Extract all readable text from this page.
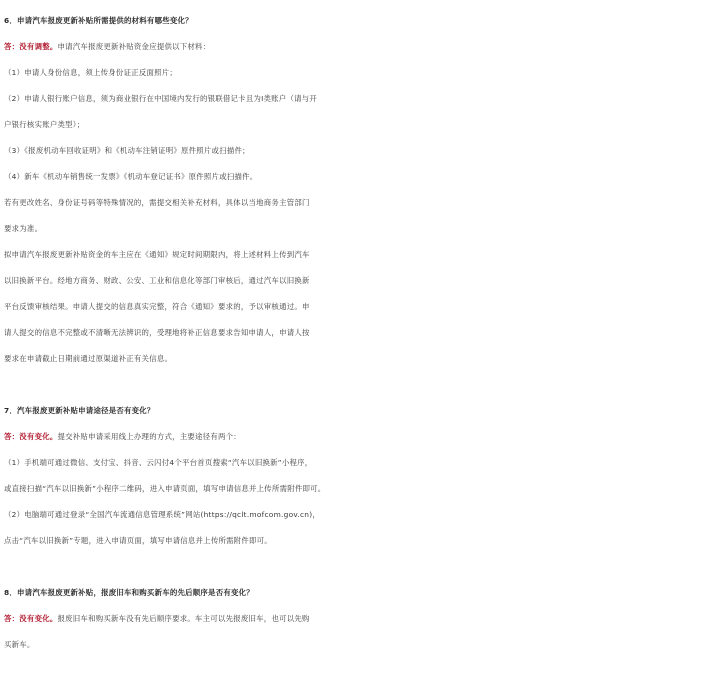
6．申请汽车报废更新补贴所需提供的材料有哪些变化？

答：没有调整。申请汽车报废更新补贴资金应提供以下材料：

（1）申请人身份信息，须上传身份证正反面照片；

（2）申请人银行账户信息，须为商业银行在中国境内发行的银联借记卡且为I类账户（请与开

户银行核实账户类型）；

（3）《报废机动车回收证明》和《机动车注销证明》原件照片或扫描件；

（4）新车《机动车销售统一发票》《机动车登记证书》原件照片或扫描件。

若有更改姓名、身份证号码等特殊情况的，需提交相关补充材料，具体以当地商务主管部门

要求为准。

拟申请汽车报废更新补贴资金的车主应在《通知》规定时间期限内，将上述材料上传到汽车

以旧换新平台。经地方商务、财政、公安、工业和信息化等部门审核后，通过汽车以旧换新

平台反馈审核结果。申请人提交的信息真实完整，符合《通知》要求的，予以审核通过。申

请人提交的信息不完整或不清晰无法辨识的，受理地将补正信息要求告知申请人，申请人按

要求在申请截止日期前通过原渠道补正有关信息。

7．汽车报废更新补贴申请途径是否有变化？

答：没有变化。提交补贴申请采用线上办理的方式，主要途径有两个：

（1）手机端可通过微信、支付宝、抖音、云闪付4个平台首页搜索“汽车以旧换新”小程序，

或直接扫描“汽车以旧换新”小程序二维码，进入申请页面，填写申请信息并上传所需附件即可。

（2）电脑端可通过登录“全国汽车流通信息管理系统”网站(https://qclt.mofcom.gov.cn)，

点击“汽车以旧换新”专题，进入申请页面，填写申请信息并上传所需附件即可。

8．申请汽车报废更新补贴，报废旧车和购买新车的先后顺序是否有变化？

答：没有变化。报废旧车和购买新车没有先后顺序要求。车主可以先报废旧车，也可以先购

买新车。
